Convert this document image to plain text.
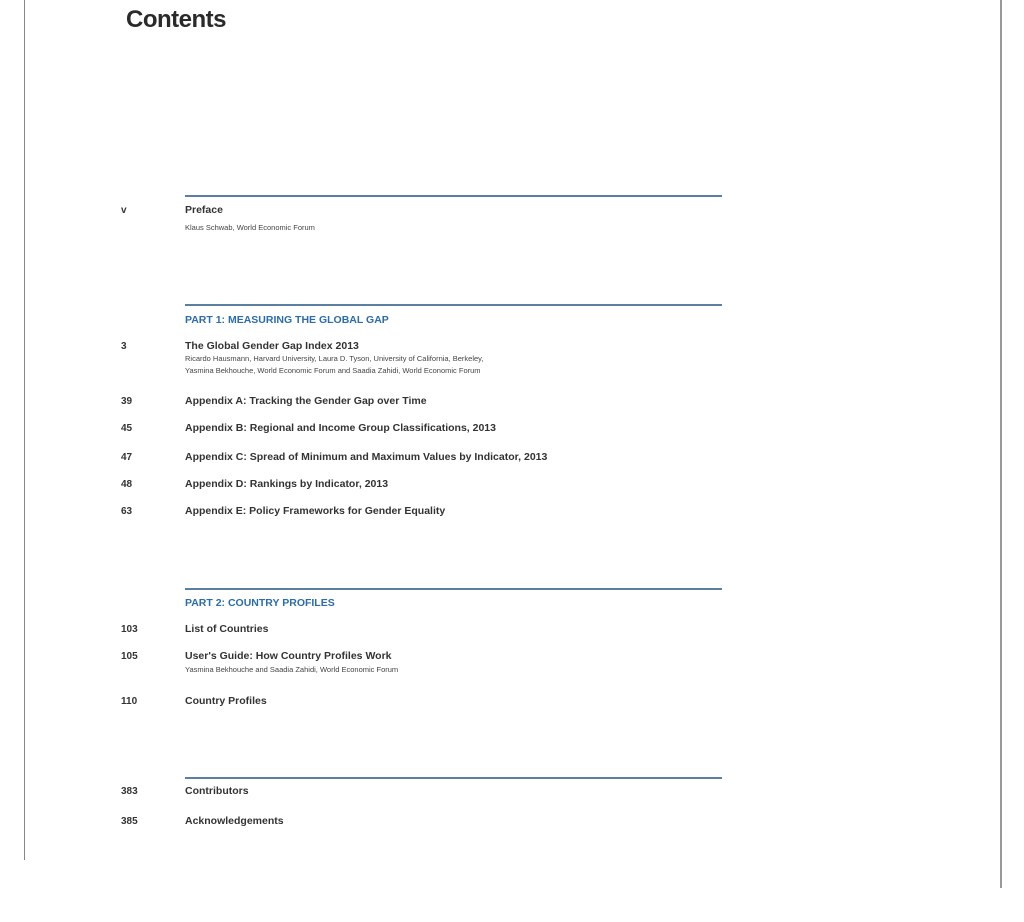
Contents
v	Preface
Klaus Schwab, World Economic Forum
PART 1: MEASURING THE GLOBAL GAP
3	The Global Gender Gap Index 2013
Ricardo Hausmann, Harvard University, Laura D. Tyson, University of California, Berkeley,
Yasmina Bekhouche, World Economic Forum and Saadia Zahidi, World Economic Forum
39	Appendix A: Tracking the Gender Gap over Time
45	Appendix B: Regional and Income Group Classifications, 2013
47	Appendix C: Spread of Minimum and Maximum Values by Indicator, 2013
48	Appendix D: Rankings by Indicator, 2013
63	Appendix E: Policy Frameworks for Gender Equality
PART 2: COUNTRY PROFILES
103	List of Countries
105	User's Guide: How Country Profiles Work
Yasmina Bekhouche and Saadia Zahidi, World Economic Forum
110	Country Profiles
383	Contributors
385	Acknowledgements
